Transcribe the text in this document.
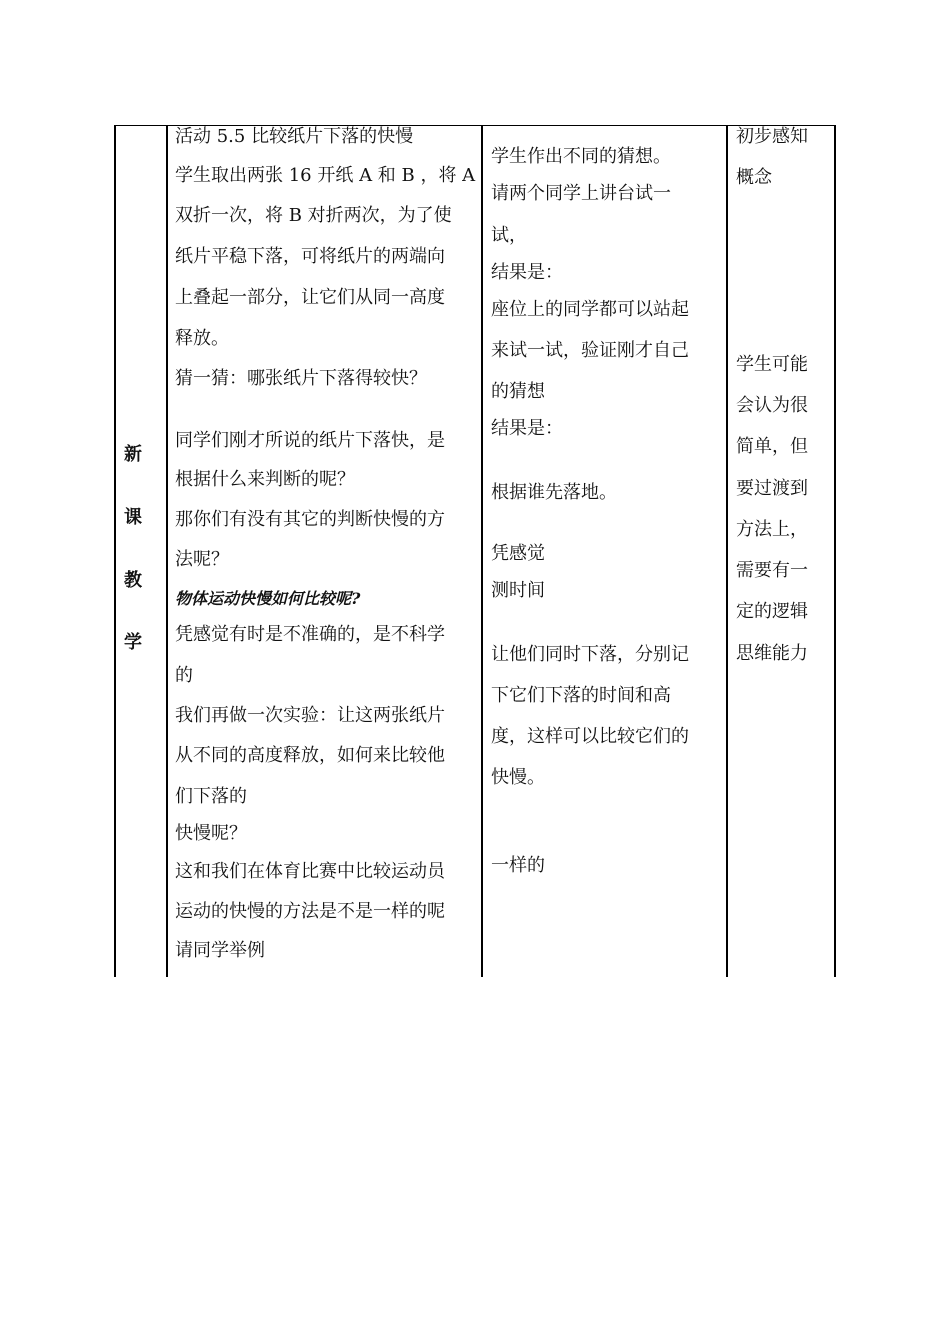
新
课
教
学
活动 5.5 比较纸片下落的快慢
学生取出两张 16 开纸 A 和 B ，将 A
双折一次，将 B 对折两次，为了使
纸片平稳下落，可将纸片的两端向
上叠起一部分，让它们从同一高度
释放。
猜一猜：哪张纸片下落得较快？
同学们刚才所说的纸片下落快，是
根据什么来判断的呢？
那你们有没有其它的判断快慢的方
法呢？
物体运动快慢如何比较呢?
凭感觉有时是不准确的，是不科学
的
我们再做一次实验：让这两张纸片
从不同的高度释放，如何来比较他
们下落的
快慢呢？
这和我们在体育比赛中比较运动员
运动的快慢的方法是不是一样的呢
请同学举例
学生作出不同的猜想。
请两个同学上讲台试一
试，
结果是：
座位上的同学都可以站起
来试一试，验证刚才自己
的猜想
结果是：
根据谁先落地。
凭感觉
测时间
让他们同时下落，分别记
下它们下落的时间和高
度，这样可以比较它们的
快慢。
一样的
初步感知
概念
学生可能
会认为很
简单，但
要过渡到
方法上，
需要有一
定的逻辑
思维能力
